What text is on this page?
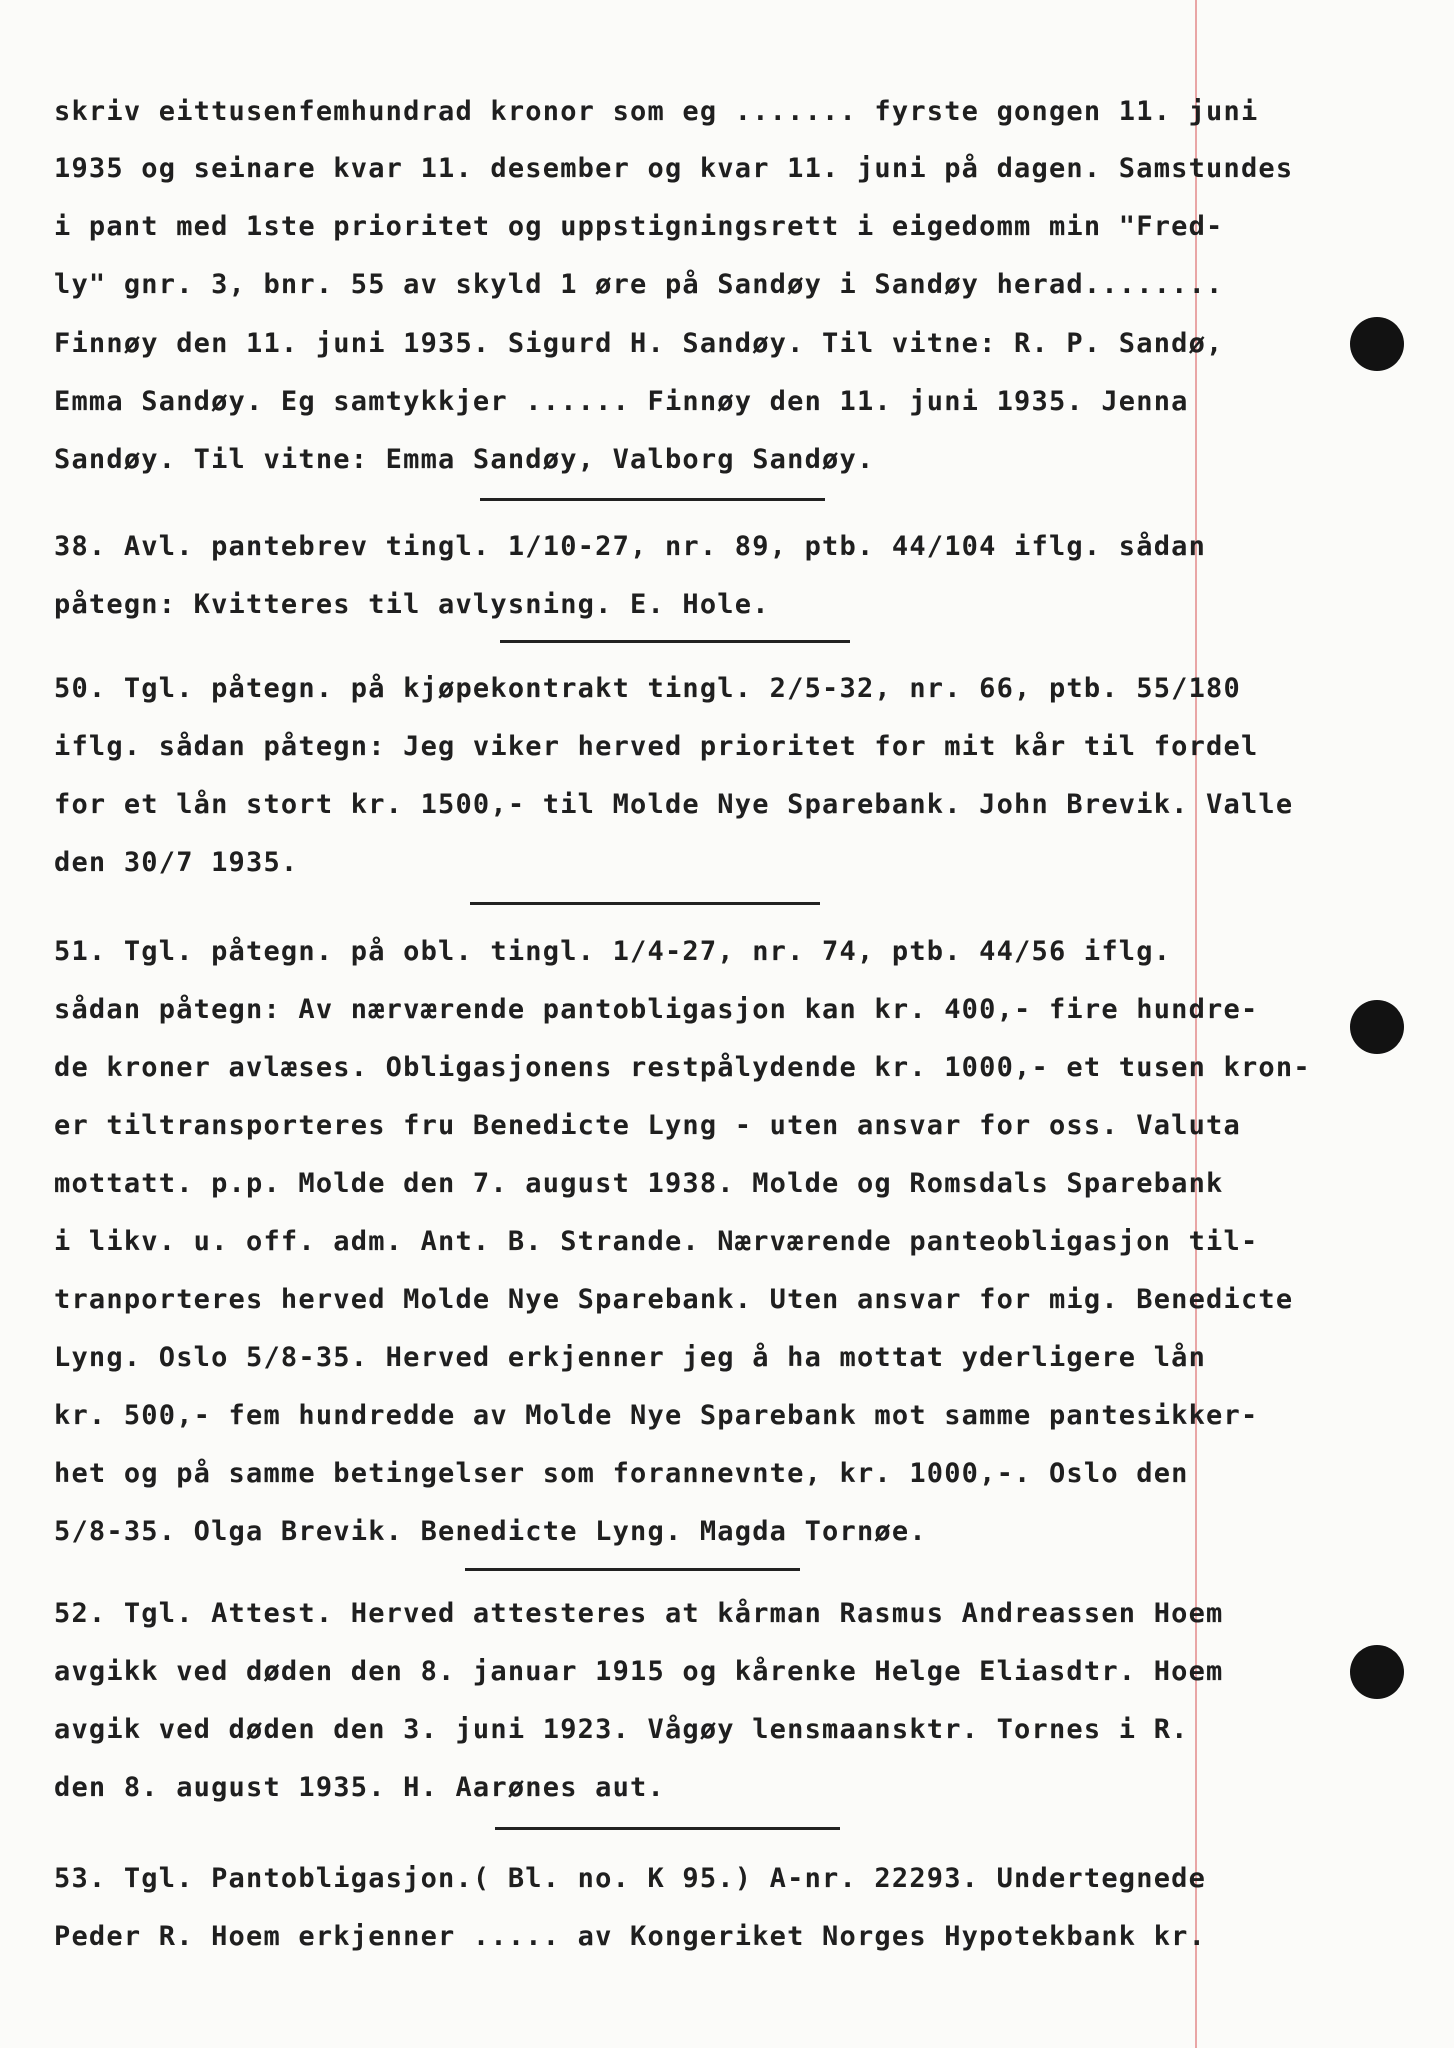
skriv eittusenfemhundrad kronor som eg ....... fyrste gongen 11. juni
1935 og seinare kvar 11. desember og kvar 11. juni på dagen. Samstundes
i pant med 1ste prioritet og uppstigningsrett i eigedomm min "Fred-
ly" gnr. 3, bnr. 55 av skyld 1 øre på Sandøy i Sandøy herad........
Finnøy den 11. juni 1935. Sigurd H. Sandøy. Til vitne: R. P. Sandø,
Emma Sandøy. Eg samtykkjer ...... Finnøy den 11. juni 1935. Jenna
Sandøy. Til vitne: Emma Sandøy, Valborg Sandøy.
38. Avl. pantebrev tingl. 1/10-27, nr. 89, ptb. 44/104 iflg. sådan
påtegn: Kvitteres til avlysning. E. Hole.
50. Tgl. påtegn. på kjøpekontrakt tingl. 2/5-32, nr. 66, ptb. 55/180
iflg. sådan påtegn: Jeg viker herved prioritet for mit kår til fordel
for et lån stort kr. 1500,- til Molde Nye Sparebank. John Brevik. Valle
den 30/7 1935.
51. Tgl. påtegn. på obl. tingl. 1/4-27, nr. 74, ptb. 44/56 iflg.
sådan påtegn: Av nærværende pantobligasjon kan kr. 400,- fire hundre-
de kroner avlæses. Obligasjonens restpålydende kr. 1000,- et tusen kron-
er tiltransporteres fru Benedicte Lyng - uten ansvar for oss. Valuta
mottatt. p.p. Molde den 7. august 1938. Molde og Romsdals Sparebank
i likv. u. off. adm. Ant. B. Strande. Nærværende panteobligasjon til-
tranporteres herved Molde Nye Sparebank. Uten ansvar for mig. Benedicte
Lyng. Oslo 5/8-35. Herved erkjenner jeg å ha mottat yderligere lån
kr. 500,- fem hundredde av Molde Nye Sparebank mot samme pantesikker-
het og på samme betingelser som forannevnte, kr. 1000,-. Oslo den
5/8-35. Olga Brevik. Benedicte Lyng. Magda Tornøe.
52. Tgl. Attest. Herved attesteres at kårman Rasmus Andreassen Hoem
avgikk ved døden den 8. januar 1915 og kårenke Helge Eliasdtr. Hoem
avgik ved døden den 3. juni 1923. Vågøy lensmaansktr. Tornes i R.
den 8. august 1935. H. Aarønes aut.
53. Tgl. Pantobligasjon.( Bl. no. K 95.) A-nr. 22293. Undertegnede
Peder R. Hoem erkjenner ..... av Kongeriket Norges Hypotekbank kr.
